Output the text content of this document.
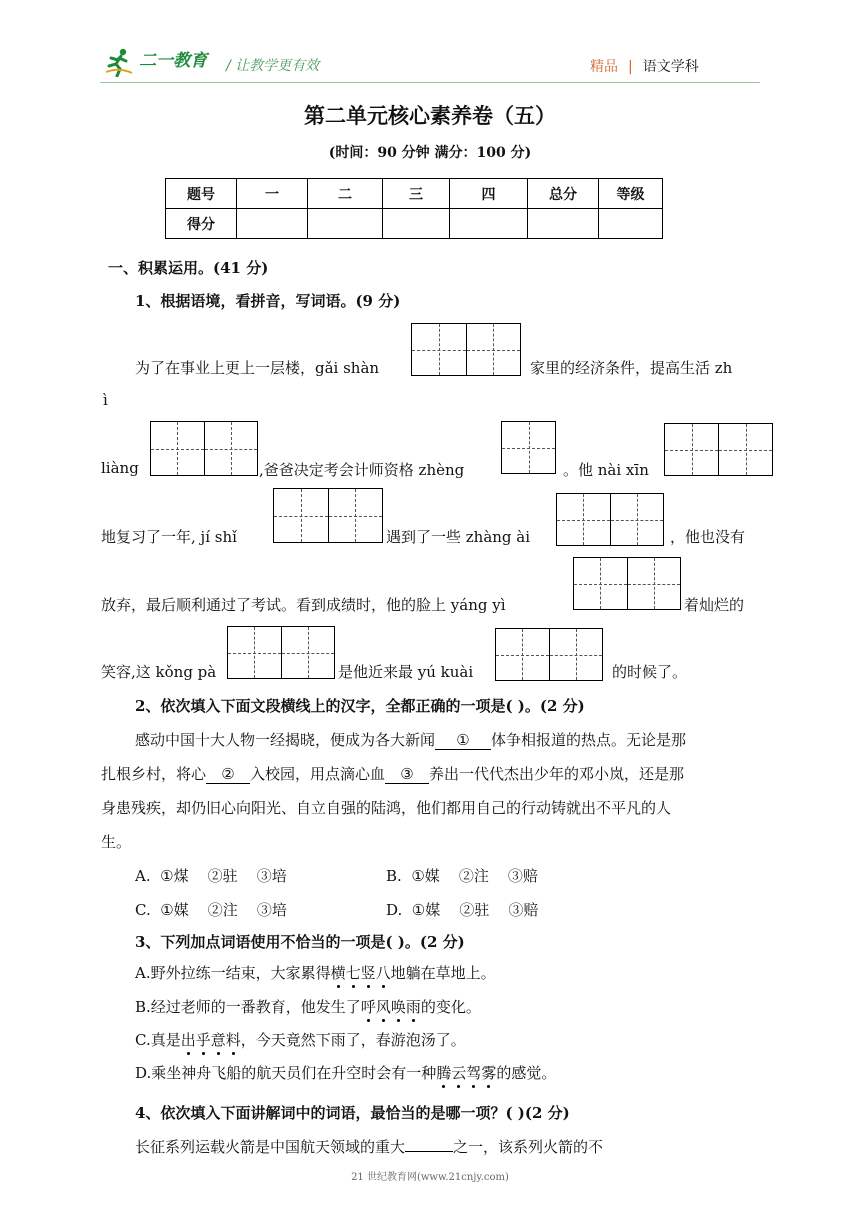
二一教育 / 让教学更有效	精品 | 语文学科
第二单元核心素养卷（五）
(时间：90 分钟 满分：100 分)
题号	一	二	三	四	总分	等级
得分						
一、积累运用。(41 分)
1、根据语境，看拼音，写词语。(9 分)
为了在事业上更上一层楼，gǎi shàn	家里的经济条件，提高生活 zh
ì
liàng	,爸爸决定考会计师资格 zhèng	。他 nài xīn
地复习了一年, jí shǐ	遇到了一些 zhàng ài	，他也没有
放弃，最后顺利通过了考试。看到成绩时，他的脸上 yáng yì	着灿烂的
笑容,这 kǒng pà	是他近来最 yú kuài	的时候了。
2、依次填入下面文段横线上的汉字，全都正确的一项是( )。(2 分)
感动中国十大人物一经揭晓，便成为各大新闻 ① 体争相报道的热点。无论是那
扎根乡村，将心 ② 入校园，用点滴心血 ③ 养出一代代杰出少年的邓小岚，还是那
身患残疾，却仍旧心向阳光、自立自强的陆鸿，他们都用自己的行动铸就出不平凡的人
生。
A.  ①煤    ②驻    ③培	B.  ①媒    ②注    ③赔
C.  ①媒    ②注    ③培	D.  ①媒    ②驻    ③赔
3、下列加点词语使用不恰当的一项是( )。(2 分)
A.野外拉练一结束，大家累得横七竖八地躺在草地上。
B.经过老师的一番教育，他发生了呼风唤雨的变化。
C.真是出乎意料，今天竟然下雨了，春游泡汤了。
D.乘坐神舟飞船的航天员们在升空时会有一种腾云驾雾的感觉。
4、依次填入下面讲解词中的词语，最恰当的是哪一项？( )(2 分)
长征系列运载火箭是中国航天领域的重大	之一，该系列火箭的不
21 世纪教育网(www.21cnjy.com)
